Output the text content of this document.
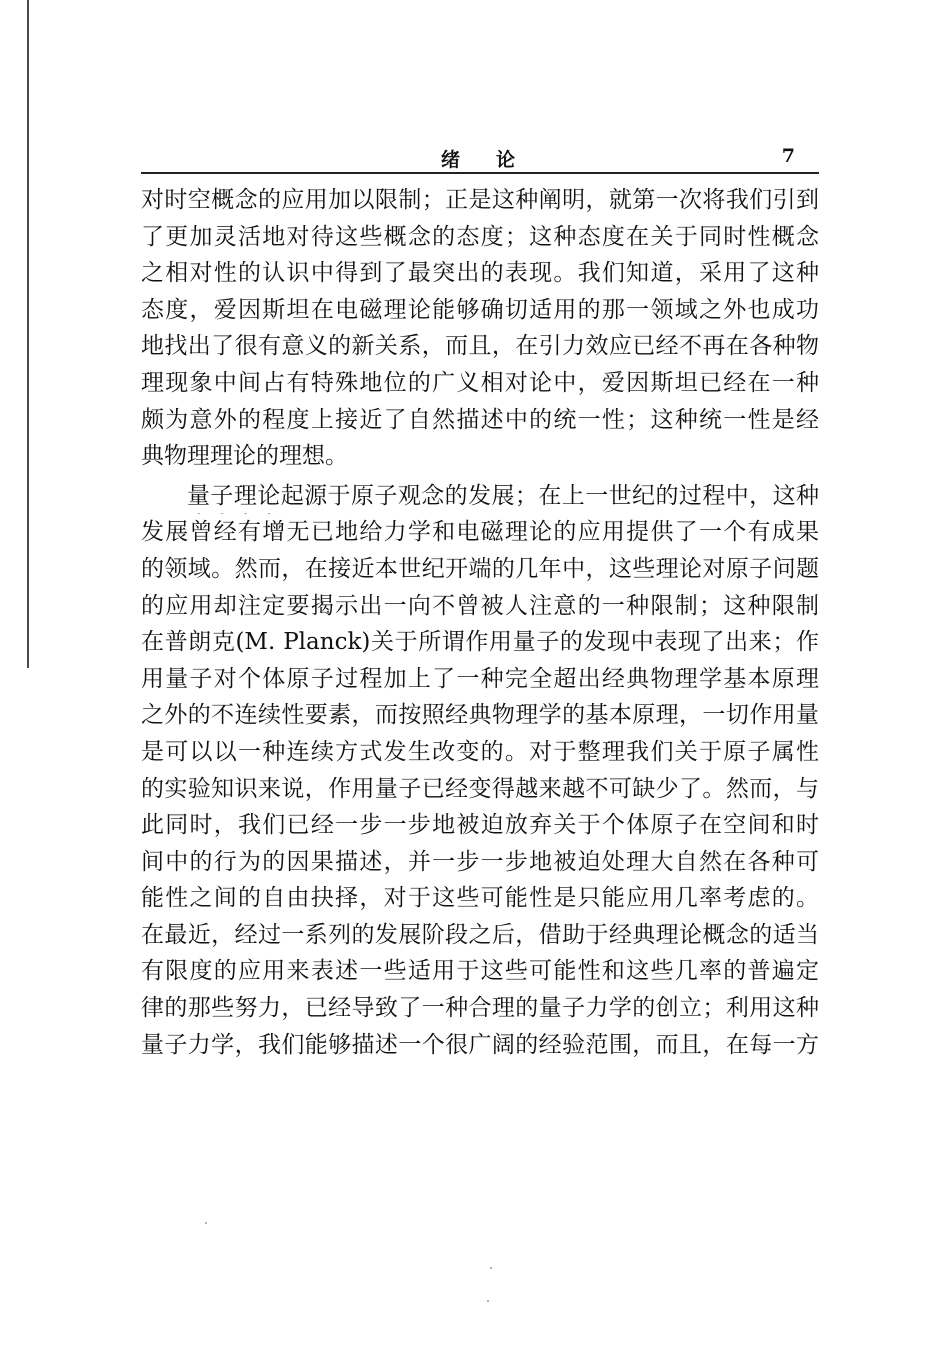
绪论	7
对时空概念的应用加以限制；正是这种阐明，就第一次将我们引到
了更加灵活地对待这些概念的态度；这种态度在关于同时性概念
之相对性的认识中得到了最突出的表现。我们知道，采用了这种
态度，爱因斯坦在电磁理论能够确切适用的那一领域之外也成功
地找出了很有意义的新关系，而且，在引力效应已经不再在各种物
理现象中间占有特殊地位的广义相对论中，爱因斯坦已经在一种
颇为意外的程度上接近了自然描述中的统一性；这种统一性是经
典物理理论的理想。
量子理论起源于原子观念的发展；在上一世纪的过程中，这种
发展曾经有增无已地给力学和电磁理论的应用提供了一个有成果
的领域。然而，在接近本世纪开端的几年中，这些理论对原子问题
的应用却注定要揭示出一向不曾被人注意的一种限制；这种限制
在普朗克(M. Planck)关于所谓作用量子的发现中表现了出来；作
用量子对个体原子过程加上了一种完全超出经典物理学基本原理
之外的不连续性要素，而按照经典物理学的基本原理，一切作用量
是可以以一种连续方式发生改变的。对于整理我们关于原子属性
的实验知识来说，作用量子已经变得越来越不可缺少了。然而，与
此同时，我们已经一步一步地被迫放弃关于个体原子在空间和时
间中的行为的因果描述，并一步一步地被迫处理大自然在各种可
能性之间的自由抉择，对于这些可能性是只能应用几率考虑的。
在最近，经过一系列的发展阶段之后，借助于经典理论概念的适当
有限度的应用来表述一些适用于这些可能性和这些几率的普遍定
律的那些努力，已经导致了一种合理的量子力学的创立；利用这种
量子力学，我们能够描述一个很广阔的经验范围，而且，在每一方
